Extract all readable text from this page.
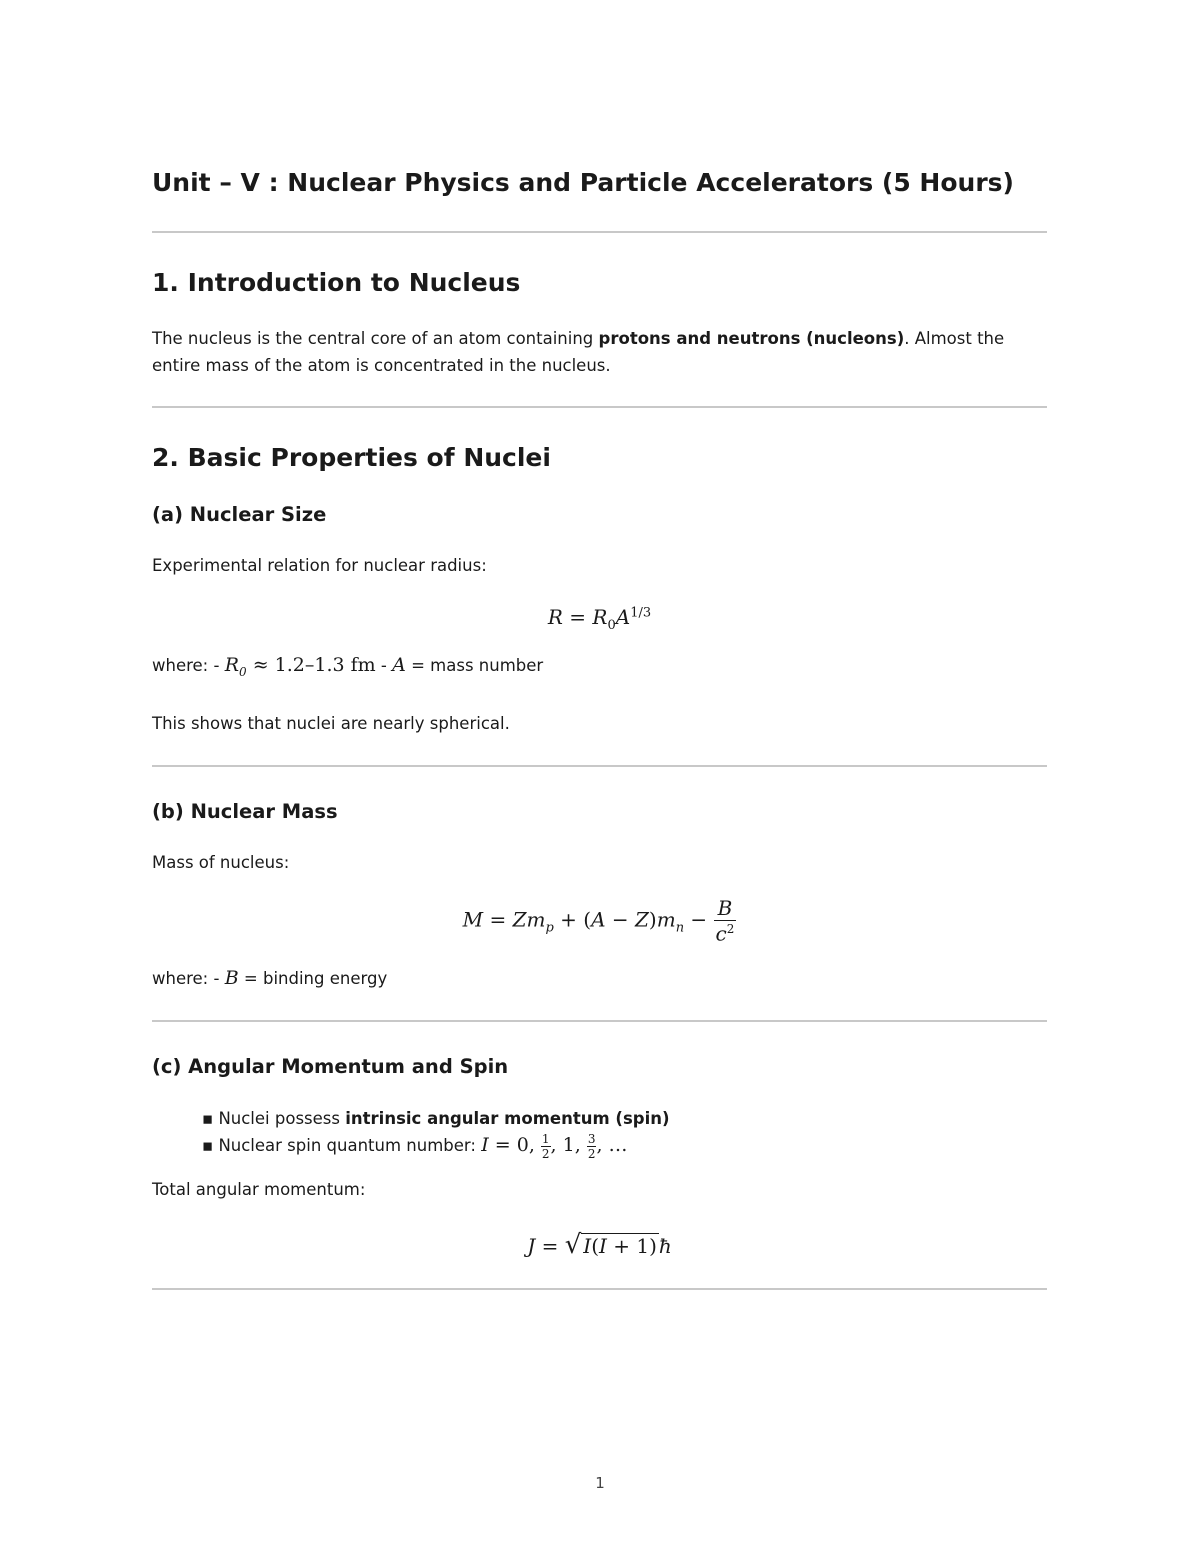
Unit – V : Nuclear Physics and Particle Accelerators (5 Hours)
1. Introduction to Nucleus

The nucleus is the central core of an atom containing protons and neutrons (nucleons). Almost the entire mass of the atom is concentrated in the nucleus.

2. Basic Properties of Nuclei
(a) Nuclear Size

Experimental relation for nuclear radius:

$R = R_0A^{1/3}$

where: - $R_0 \approx 1.2-1.3$ fm - A = mass number

This shows that nuclei are nearly spherical.

(b) Nuclear Mass

Mass of nucleus:

$M = Zm_p + (A - Z)m_n - \frac{B}{c^2}$

where: - B = binding energy

(c) Angular Momentum and Spin
▪ Nuclei possess intrinsic angular momentum (spin)
▪ Nuclear spin quantum number: I = 0, $\frac{1}{2}$ , 1, $\frac{3}{2}$ , …

Total angular momentum:

J = √ I(I + 1) ħ
1
